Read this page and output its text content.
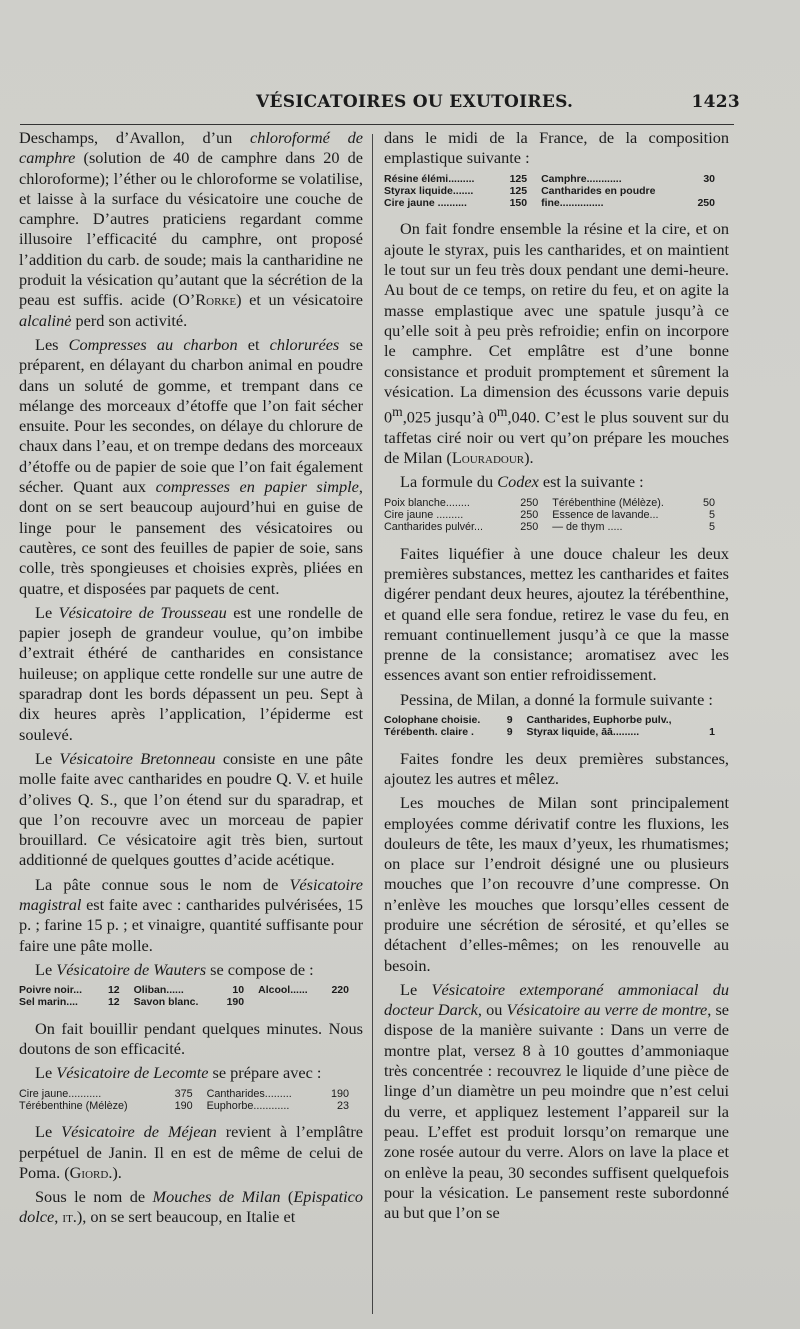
VÉSICATOIRES OU EXUTOIRES.	1423

Deschamps, d’Avallon, d’un chloroformé de camphre (solution de 40 de camphre dans 20 de chloroforme); l’éther ou le chloroforme se volatilise, et laisse à la surface du vésicatoire une couche de camphre. D’autres praticiens regardant comme illusoire l’efficacité du camphre, ont proposé l’addition du carb. de soude; mais la cantharidine ne produit la vésication qu’autant que la sécrétion de la peau est suffis. acide (O’Rorke) et un vésicatoire alcalinė perd son activité.

Les Compresses au charbon et chlorurées se préparent, en délayant du charbon animal en poudre dans un soluté de gomme, et trempant dans ce mélange des morceaux d’étoffe que l’on fait sécher ensuite. Pour les secondes, on délaye du chlorure de chaux dans l’eau, et on trempe dedans des morceaux d’étoffe ou de papier de soie que l’on fait également sécher. Quant aux compresses en papier simple, dont on se sert beaucoup aujourd’hui en guise de linge pour le pansement des vésicatoires ou cautères, ce sont des feuilles de papier de soie, sans colle, très spongieuses et choisies exprès, pliées en quatre, et disposées par paquets de cent.

Le Vésicatoire de Trousseau est une rondelle de papier joseph de grandeur voulue, qu’on imbibe d’extrait éthéré de cantharides en consistance huileuse; on applique cette rondelle sur une autre de sparadrap dont les bords dépassent un peu. Sept à dix heures après l’application, l’épiderme est soulevé.

Le Vésicatoire Bretonneau consiste en une pâte molle faite avec cantharides en poudre Q. V. et huile d’olives Q. S., que l’on étend sur du sparadrap, et que l’on recouvre avec un morceau de papier brouillard. Ce vésicatoire agit très bien, surtout additionné de quelques gouttes d’acide acétique.

La pâte connue sous le nom de Vésicatoire magistral est faite avec : cantharides pulvérisées, 15 p. ; farine 15 p. ; et vinaigre, quantité suffisante pour faire une pâte molle.

Le Vésicatoire de Wauters se compose de :

Poivre noir...	12	Oliban......	10	Alcool......	220
Sel marin....	12	Savon blanc.	190		

On fait bouillir pendant quelques minutes. Nous doutons de son efficacité.

Le Vésicatoire de Lecomte se prépare avec :

Cire jaune...........	375	Cantharides.........	190
Térébenthine (Mélèze)	190	Euphorbe............	23

Le Vésicatoire de Méjean revient à l’emplâtre perpétuel de Janin. Il en est de même de celui de Poma. (Giord.).

Sous le nom de Mouches de Milan (Epispatico dolce, it.), on se sert beaucoup, en Italie et

dans le midi de la France, de la composition emplastique suivante :

Résine élémi.........	125	Camphre............	30
Styrax liquide.......	125	Cantharides en poudre	
Cire jaune ..........	150	fine...............	250

On fait fondre ensemble la résine et la cire, et on ajoute le styrax, puis les cantharides, et on maintient le tout sur un feu très doux pendant une demi-heure. Au bout de ce temps, on retire du feu, et on agite la masse emplastique avec une spatule jusqu’à ce qu’elle soit à peu près refroidie; enfin on incorpore le camphre. Cet emplâtre est d’une bonne consistance et produit promptement et sûrement la vésication. La dimension des écussons varie depuis 0$^m$,025 jusqu’à 0$^m$,040. C’est le plus souvent sur du taffetas ciré noir ou vert qu’on prépare les mouches de Milan (Louradour).

La formule du Codex est la suivante :

Poix blanche........	250	Térébenthine (Mélèze).	50
Cire jaune .........	250	Essence de lavande...	5
Cantharides pulvér...	250	— de thym .....	5

Faites liquéfier à une douce chaleur les deux premières substances, mettez les cantharides et faites digérer pendant deux heures, ajoutez la térébenthine, et quand elle sera fondue, retirez le vase du feu, en remuant continuellement jusqu’à ce que la masse prenne de la consistance; aromatisez avec les essences avant son entier refroidissement.

Pessina, de Milan, a donné la formule suivante :

Colophane choisie.	9	Cantharides, Euphorbe pulv.,	
Térébenth. claire .	9	Styrax liquide, āā.........	1

Faites fondre les deux premières substances, ajoutez les autres et mêlez.

Les mouches de Milan sont principalement employées comme dérivatif contre les fluxions, les douleurs de tête, les maux d’yeux, les rhumatismes; on place sur l’endroit désigné une ou plusieurs mouches que l’on recouvre d’une compresse. On n’enlève les mouches que lorsqu’elles cessent de produire une sécrétion de sérosité, et qu’elles se détachent d’elles-mêmes; on les renouvelle au besoin.

Le Vésicatoire extemporané ammoniacal du docteur Darck, ou Vésicatoire au verre de montre, se dispose de la manière suivante : Dans un verre de montre plat, versez 8 à 10 gouttes d’ammoniaque très concentrée : recouvrez le liquide d’une pièce de linge d’un diamètre un peu moindre que n’est celui du verre, et appliquez lestement l’appareil sur la peau. L’effet est produit lorsqu’on remarque une zone rosée autour du verre. Alors on lave la place et on enlève la peau, 30 secondes suffisent quelquefois pour la vésication. Le pansement reste subordonné au but que l’on se
